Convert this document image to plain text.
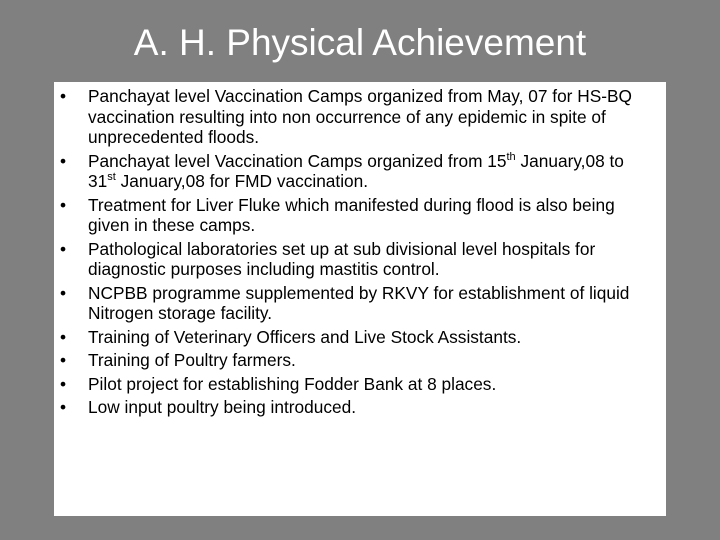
A. H. Physical Achievement
•	Panchayat level Vaccination Camps organized from May, 07 for HS-BQ vaccination resulting into non occurrence of any epidemic in spite of unprecedented floods.
•	Panchayat level Vaccination Camps organized from 15th January,08 to 31st January,08 for FMD vaccination.
•	Treatment for Liver Fluke which manifested during flood is also being given in these camps.
•	Pathological laboratories set up at sub divisional level hospitals for diagnostic purposes including mastitis control.
•	NCPBB programme supplemented by RKVY for establishment of liquid Nitrogen storage facility.
•	Training of Veterinary Officers and Live Stock Assistants.
•	Training of Poultry farmers.
•	Pilot project for establishing Fodder Bank at 8 places.
•	Low input poultry being introduced.
